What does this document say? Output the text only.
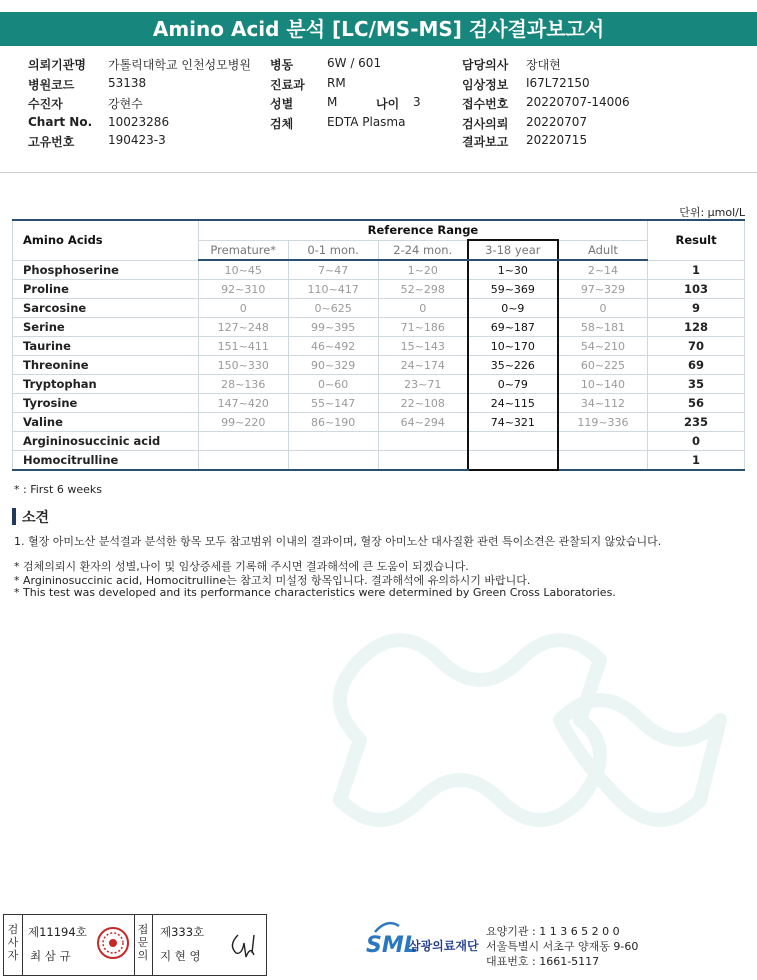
Amino Acid 분석 [LC/MS-MS] 검사결과보고서
의뢰기관명 가톨릭대학교 인천성모병원
병원코드	53138
수진자	강현수
Chart No. 10023286
고유번호	190423-3
병동	6W / 601
진료과 RM
성별	M
검체	EDTA Plasma
나이 3
담당의사 장대현
임상정보 I67L72150
접수번호 20220707-14006
검사의뢰 20220707
결과보고 20220715
단위: μmol/L
Amino Acids	Reference Range					Result
	Premature*	0-1 mon.	2-24 mon.	3-18 year	Adult	
Phosphoserine	10~45	7~47	1~20	1~30	2~14	1
Proline	92~310	110~417	52~298	59~369	97~329	103
Sarcosine	0	0~625	0	0~9	0	9
Serine	127~248	99~395	71~186	69~187	58~181	128
Taurine	151~411	46~492	15~143	10~170	54~210	70
Threonine	150~330	90~329	24~174	35~226	60~225	69
Tryptophan	28~136	0~60	23~71	0~79	10~140	35
Tyrosine	147~420	55~147	22~108	24~115	34~112	56
Valine	99~220	86~190	64~294	74~321	119~336	235
Argininosuccinic acid						0
Homocitrulline						1
* : First 6 weeks
소견
1. 혈장 아미노산 분석결과 분석한 항목 모두 참고범위 이내의 결과이며, 혈장 아미노산 대사질환 관련 특이소견은 관찰되지 않았습니다.
* 검체의뢰시 환자의 성별,나이 및 임상증세를 기록해 주시면 결과해석에 큰 도움이 되겠습니다.
* Argininosuccinic acid, Homocitrulline는 참고치 미설정 항목입니다. 결과해석에 유의하시기 바랍니다.
* This test was developed and its performance characteristics were determined by Green Cross Laboratories.
검
사
자
제11194호
최 삼 규
접
문
의
제333호
지 현 영	SML
삼광의료재단
요양기관 : 1 1 3 6 5 2 0 0
서울특별시 서초구 양재동 9-60
대표번호 : 1661-5117
